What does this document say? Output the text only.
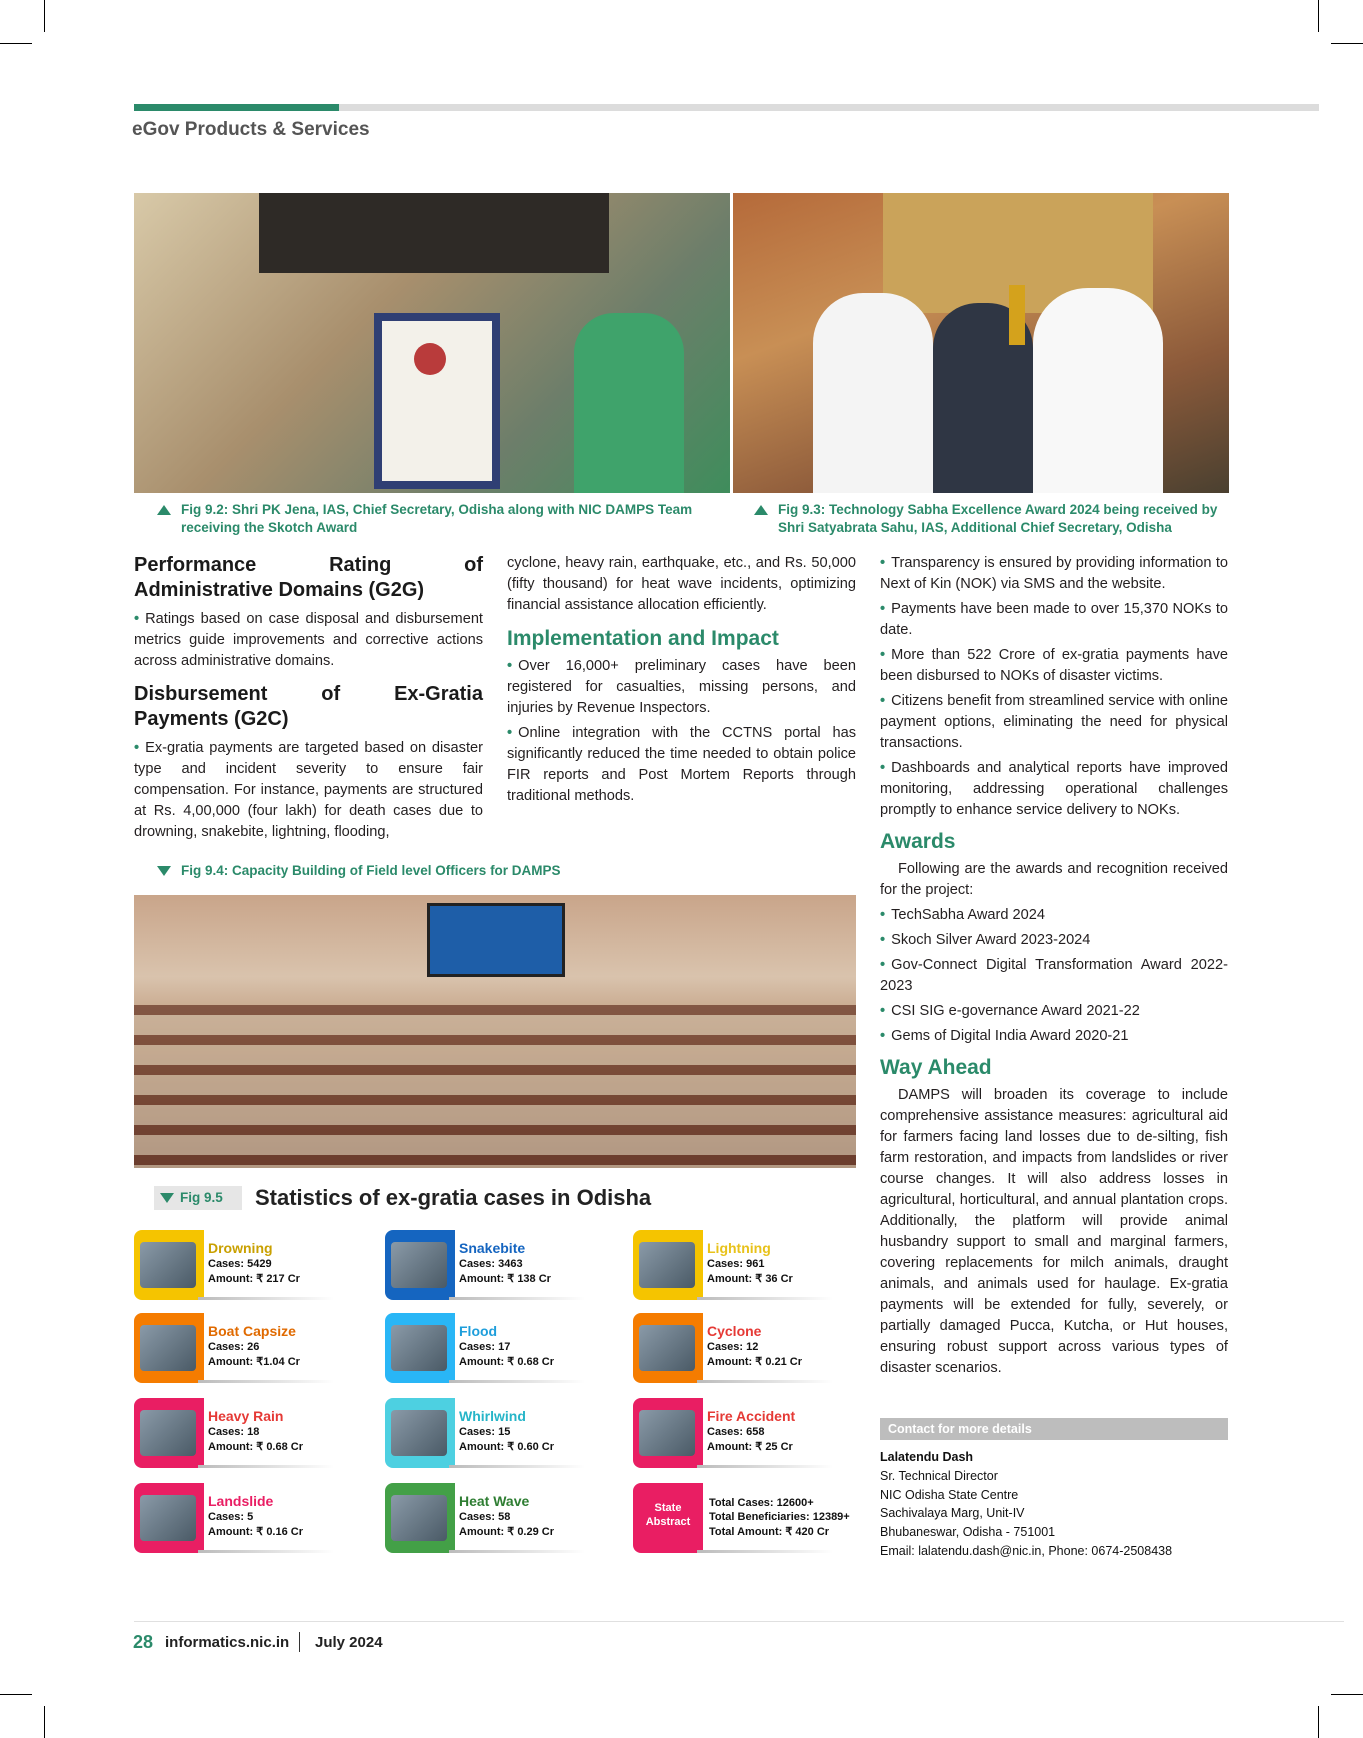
eGov Products & Services
Fig 9.2: Shri PK Jena, IAS, Chief Secretary, Odisha along with NIC DAMPS Team receiving the Skotch Award
Fig 9.3: Technology Sabha Excellence Award 2024 being received by Shri Satyabrata Sahu, IAS, Additional Chief Secretary, Odisha
Performance Rating of Administrative Domains (G2G)
• Ratings based on case disposal and disbursement metrics guide improvements and corrective actions across administrative domains.
Disbursement of Ex-Gratia Payments (G2C)
• Ex-gratia payments are targeted based on disaster type and incident severity to ensure fair compensation. For instance, payments are structured at Rs. 4,00,000 (four lakh) for death cases due to drowning, snakebite, lightning, flooding,

cyclone, heavy rain, earthquake, etc., and Rs. 50,000 (fifty thousand) for heat wave incidents, optimizing financial assistance allocation efficiently.

Implementation and Impact
• Over 16,000+ preliminary cases have been registered for casualties, missing persons, and injuries by Revenue Inspectors.
• Online integration with the CCTNS portal has significantly reduced the time needed to obtain police FIR reports and Post Mortem Reports through traditional methods.
• Transparency is ensured by providing information to Next of Kin (NOK) via SMS and the website.
• Payments have been made to over 15,370 NOKs to date.
• More than 522 Crore of ex-gratia payments have been disbursed to NOKs of disaster victims.
• Citizens benefit from streamlined service with online payment options, eliminating the need for physical transactions.
• Dashboards and analytical reports have improved monitoring, addressing operational challenges promptly to enhance service delivery to NOKs.
Awards

Following are the awards and recognition received for the project:

• TechSabha Award 2024
• Skoch Silver Award 2023-2024
• Gov-Connect Digital Transformation Award 2022-2023
• CSI SIG e-governance Award 2021-22
• Gems of Digital India Award 2020-21
Way Ahead

DAMPS will broaden its coverage to include comprehensive assistance measures: agricultural aid for farmers facing land losses due to de-silting, fish farm restoration, and impacts from landslides or river course changes. It will also address losses in agricultural, horticultural, and annual plantation crops. Additionally, the platform will provide animal husbandry support to small and marginal farmers, covering replacements for milch animals, draught animals, and animals used for haulage. Ex-gratia payments will be extended for fully, severely, or partially damaged Pucca, Kutcha, or Hut houses, ensuring robust support across various types of disaster scenarios.

Fig 9.4: Capacity Building of Field level Officers for DAMPS
Fig 9.5 Statistics of ex-gratia cases in Odisha
Drowning
Cases: 5429
Amount: ₹ 217 Cr
Snakebite
Cases: 3463
Amount: ₹ 138 Cr
Lightning
Cases: 961
Amount: ₹ 36 Cr
Boat Capsize
Cases: 26
Amount: ₹1.04 Cr
Flood
Cases: 17
Amount: ₹ 0.68 Cr
Cyclone
Cases: 12
Amount: ₹ 0.21 Cr
Heavy Rain
Cases: 18
Amount: ₹ 0.68 Cr
Whirlwind
Cases: 15
Amount: ₹ 0.60 Cr
Fire Accident
Cases: 658
Amount: ₹ 25 Cr
Landslide
Cases: 5
Amount: ₹ 0.16 Cr
Heat Wave
Cases: 58
Amount: ₹ 0.29 Cr
State Abstract
Total Cases: 12600+
Total Beneficiaries: 12389+
Total Amount: ₹ 420 Cr
Contact for more details
Lalatendu Dash
Sr. Technical Director
NIC Odisha State Centre
Sachivalaya Marg, Unit-IV
Bhubaneswar, Odisha - 751001
Email: lalatendu.dash@nic.in, Phone: 0674-2508438
28 informatics.nic.in July 2024
